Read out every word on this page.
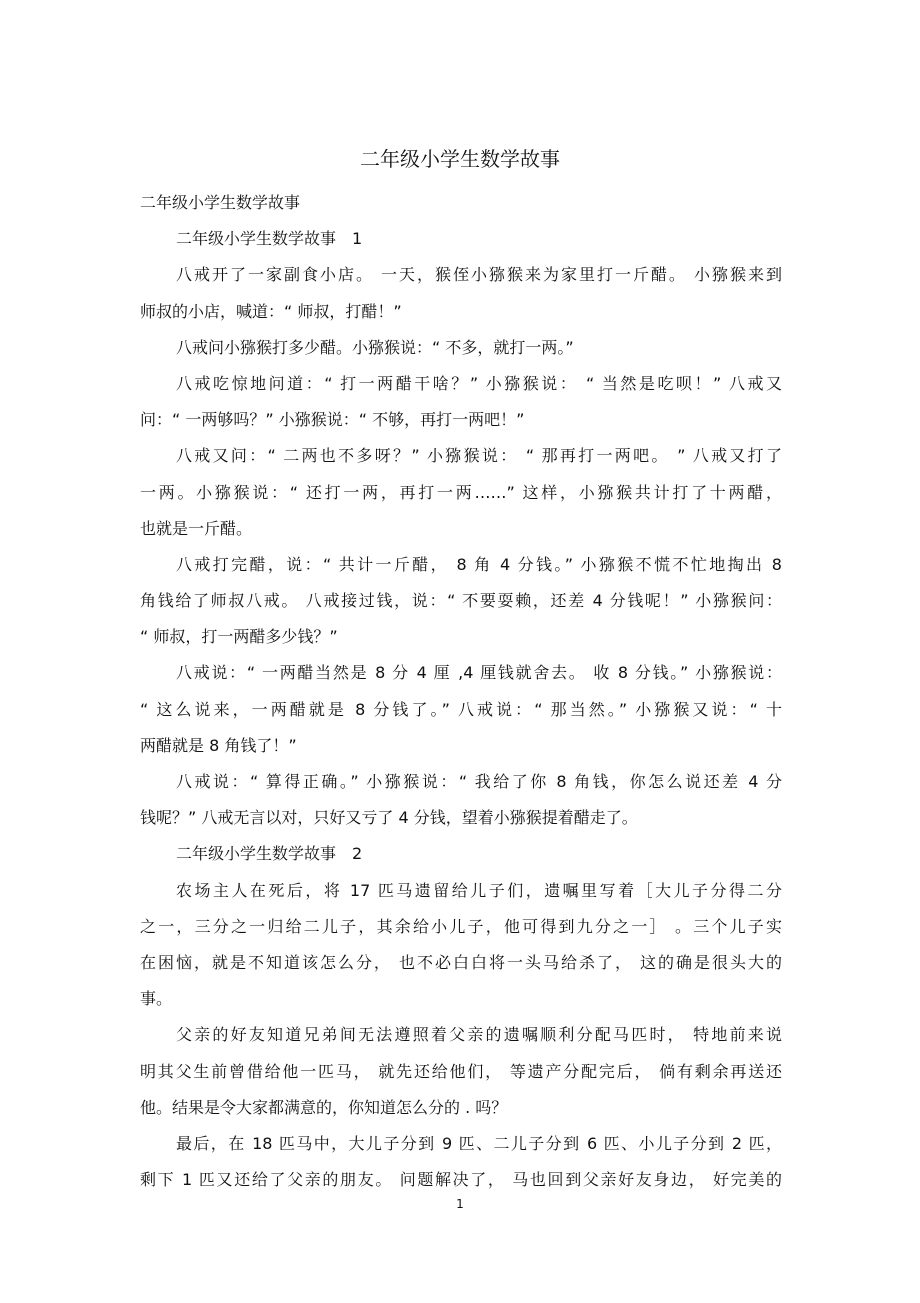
二年级小学生数学故事
二年级小学生数学故事
二年级小学生数学故事　1
八戒开了一家副食小店。 一天，猴侄小猕猴来为家里打一斤醋。 小猕猴来到
师叔的小店，喊道：“ 师叔，打醋！”
八戒问小猕猴打多少醋。小猕猴说：“ 不多，就打一两。”
八戒吃惊地问道：“ 打一两醋干啥？” 小猕猴说： “ 当然是吃呗！” 八戒又
问：“ 一两够吗？” 小猕猴说：“ 不够，再打一两吧！”
八戒又问：“ 二两也不多呀？” 小猕猴说： “ 那再打一两吧。 ” 八戒又打了
一两。小猕猴说：“ 还打一两，再打一两……” 这样，小猕猴共计打了十两醋，
也就是一斤醋。
八戒打完醋，说：“ 共计一斤醋， 8 角 4 分钱。” 小猕猴不慌不忙地掏出 8
角钱给了师叔八戒。 八戒接过钱，说：“ 不要耍赖，还差 4 分钱呢！” 小猕猴问：
“ 师叔，打一两醋多少钱？”
八戒说：“ 一两醋当然是 8 分 4 厘 ,4 厘钱就舍去。 收 8 分钱。” 小猕猴说：
“ 这么说来，一两醋就是 8 分钱了。” 八戒说：“ 那当然。” 小猕猴又说：“ 十
两醋就是 8 角钱了！”
八戒说：“ 算得正确。” 小猕猴说：“ 我给了你 8 角钱，你怎么说还差 4 分
钱呢？” 八戒无言以对，只好又亏了 4 分钱，望着小猕猴提着醋走了。
二年级小学生数学故事　2
农场主人在死后，将 17 匹马遗留给儿子们，遗嘱里写着［大儿子分得二分
之一，三分之一归给二儿子，其余给小儿子，他可得到九分之一］ 。三个儿子实
在困恼，就是不知道该怎么分， 也不必白白将一头马给杀了， 这的确是很头大的
事。
父亲的好友知道兄弟间无法遵照着父亲的遗嘱顺利分配马匹时， 特地前来说
明其父生前曾借给他一匹马， 就先还给他们， 等遗产分配完后， 倘有剩余再送还
他。结果是令大家都满意的，你知道怎么分的 . 吗？
最后，在 18 匹马中，大儿子分到 9 匹、二儿子分到 6 匹、小儿子分到 2 匹，
剩下 1 匹又还给了父亲的朋友。 问题解决了， 马也回到父亲好友身边， 好完美的
1
